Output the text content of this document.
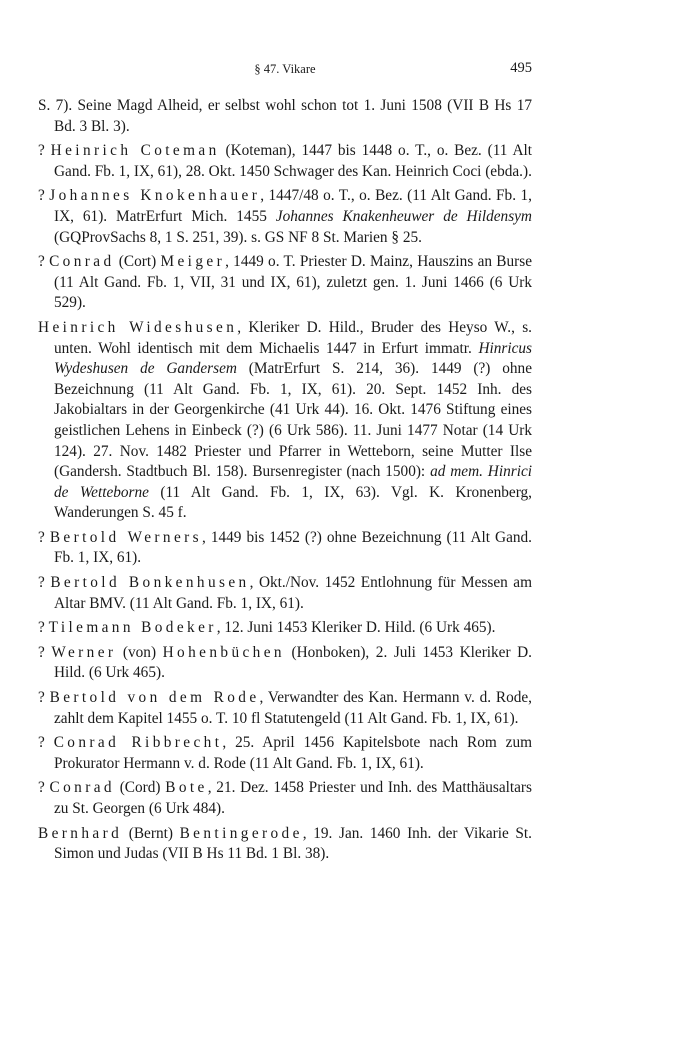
§ 47. Vikare	495

S. 7). Seine Magd Alheid, er selbst wohl schon tot 1. Juni 1508 (VII B Hs 17 Bd. 3 Bl. 3).

? Heinrich Coteman (Koteman), 1447 bis 1448 o. T., o. Bez. (11 Alt Gand. Fb. 1, IX, 61), 28. Okt. 1450 Schwager des Kan. Heinrich Coci (ebda.).

? Johannes Knokenhauer, 1447/48 o. T., o. Bez. (11 Alt Gand. Fb. 1, IX, 61). MatrErfurt Mich. 1455 Johannes Knakenheuwer de Hildensym (GQProvSachs 8, 1 S. 251, 39). s. GS NF 8 St. Marien § 25.

? Conrad (Cort) Meiger, 1449 o. T. Priester D. Mainz, Hauszins an Burse (11 Alt Gand. Fb. 1, VII, 31 und IX, 61), zuletzt gen. 1. Juni 1466 (6 Urk 529).

Heinrich Wideshusen, Kleriker D. Hild., Bruder des Heyso W., s. unten. Wohl identisch mit dem Michaelis 1447 in Erfurt immatr. Hinricus Wydeshusen de Gandersem (MatrErfurt S. 214, 36). 1449 (?) ohne Bezeichnung (11 Alt Gand. Fb. 1, IX, 61). 20. Sept. 1452 Inh. des Jakobialtars in der Georgenkirche (41 Urk 44). 16. Okt. 1476 Stiftung eines geistlichen Lehens in Einbeck (?) (6 Urk 586). 11. Juni 1477 Notar (14 Urk 124). 27. Nov. 1482 Priester und Pfarrer in Wetteborn, seine Mutter Ilse (Gandersh. Stadtbuch Bl. 158). Bursenregister (nach 1500): ad mem. Hinrici de Wetteborne (11 Alt Gand. Fb. 1, IX, 63). Vgl. K. Kronenberg, Wanderungen S. 45 f.

? Bertold Werners, 1449 bis 1452 (?) ohne Bezeichnung (11 Alt Gand. Fb. 1, IX, 61).

? Bertold Bonkenhusen, Okt./Nov. 1452 Entlohnung für Messen am Altar BMV. (11 Alt Gand. Fb. 1, IX, 61).

? Tilemann Bodeker, 12. Juni 1453 Kleriker D. Hild. (6 Urk 465).

? Werner (von) Hohenbüchen (Honboken), 2. Juli 1453 Kleriker D. Hild. (6 Urk 465).

? Bertold von dem Rode, Verwandter des Kan. Hermann v. d. Rode, zahlt dem Kapitel 1455 o. T. 10 fl Statutengeld (11 Alt Gand. Fb. 1, IX, 61).

? Conrad Ribbrecht, 25. April 1456 Kapitelsbote nach Rom zum Prokurator Hermann v. d. Rode (11 Alt Gand. Fb. 1, IX, 61).

? Conrad (Cord) Bote, 21. Dez. 1458 Priester und Inh. des Matthäusaltars zu St. Georgen (6 Urk 484).

Bernhard (Bernt) Bentingerode, 19. Jan. 1460 Inh. der Vikarie St. Simon und Judas (VII B Hs 11 Bd. 1 Bl. 38).
